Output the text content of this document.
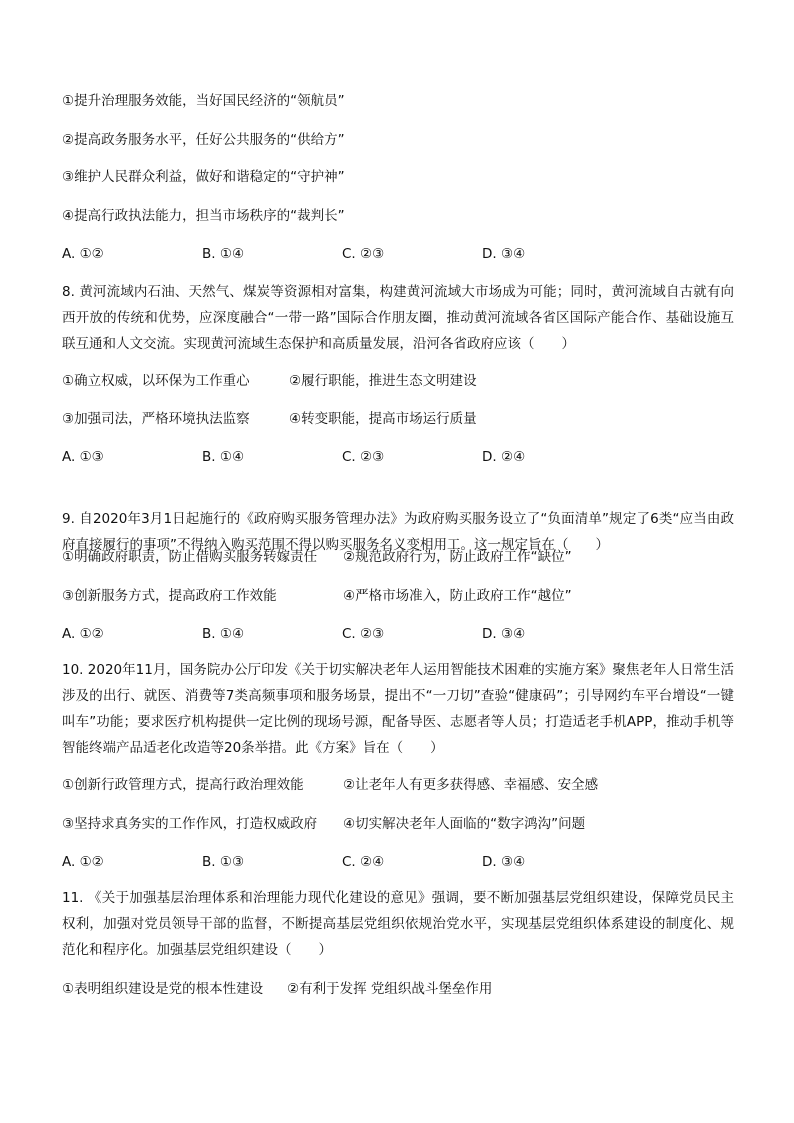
①提升治理服务效能，当好国民经济的“领航员”
②提高政务服务水平，任好公共服务的“供给方”
③维护人民群众利益，做好和谐稳定的“守护神”
④提高行政执法能力，担当市场秩序的“裁判长”
A. ①②	B. ①④	C. ②③	D. ③④
8. 黄河流域内石油、天然气、煤炭等资源相对富集，构建黄河流域大市场成为可能；同时，黄河流域自古就有向西开放的传统和优势，应深度融合“一带一路”国际合作朋友圈，推动黄河流域各省区国际产能合作、基础设施互联互通和人文交流。实现黄河流域生态保护和高质量发展，沿河各省政府应该（　　）
①确立权威，以环保为工作重心	②履行职能，推进生态文明建设
③加强司法，严格环境执法监察	④转变职能，提高市场运行质量
A. ①③	B. ①④	C. ②③	D. ②④
9. 自2020年3月1日起施行的《政府购买服务管理办法》为政府购买服务设立了“负面清单”规定了6类“应当由政府直接履行的事项”不得纳入购买范围不得以购买服务名义变相用工。这一规定旨在（　　）
①明确政府职责，防止借购买服务转嫁责任 ②规范政府行为，防止政府工作“缺位”
③创新服务方式，提高政府工作效能	④严格市场准入，防止政府工作“越位”
A. ①②	B. ①④	C. ②③	D. ③④
10. 2020年11月，国务院办公厅印发《关于切实解决老年人运用智能技术困难的实施方案》聚焦老年人日常生活涉及的出行、就医、消费等7类高频事项和服务场景，提出不“一刀切”查验“健康码”；引导网约车平台增设“一键叫车”功能；要求医疗机构提供一定比例的现场号源，配备导医、志愿者等人员；打造适老手机APP，推动手机等智能终端产品适老化改造等20条举措。此《方案》旨在（　　）
①创新行政管理方式，提高行政治理效能	②让老年人有更多获得感、幸福感、安全感
③坚持求真务实的工作作风，打造权威政府 ④切实解决老年人面临的“数字鸿沟”问题
A. ①②	B. ①③	C. ②④	D. ③④
11. 《关于加强基层治理体系和治理能力现代化建设的意见》强调，要不断加强基层党组织建设，保障党员民主权利，加强对党员领导干部的监督，不断提高基层党组织依规治党水平，实现基层党组织体系建设的制度化、规范化和程序化。加强基层党组织建设（　　）
①表明组织建设是党的根本性建设 ②有利于发挥 党组织战斗堡垒作用
